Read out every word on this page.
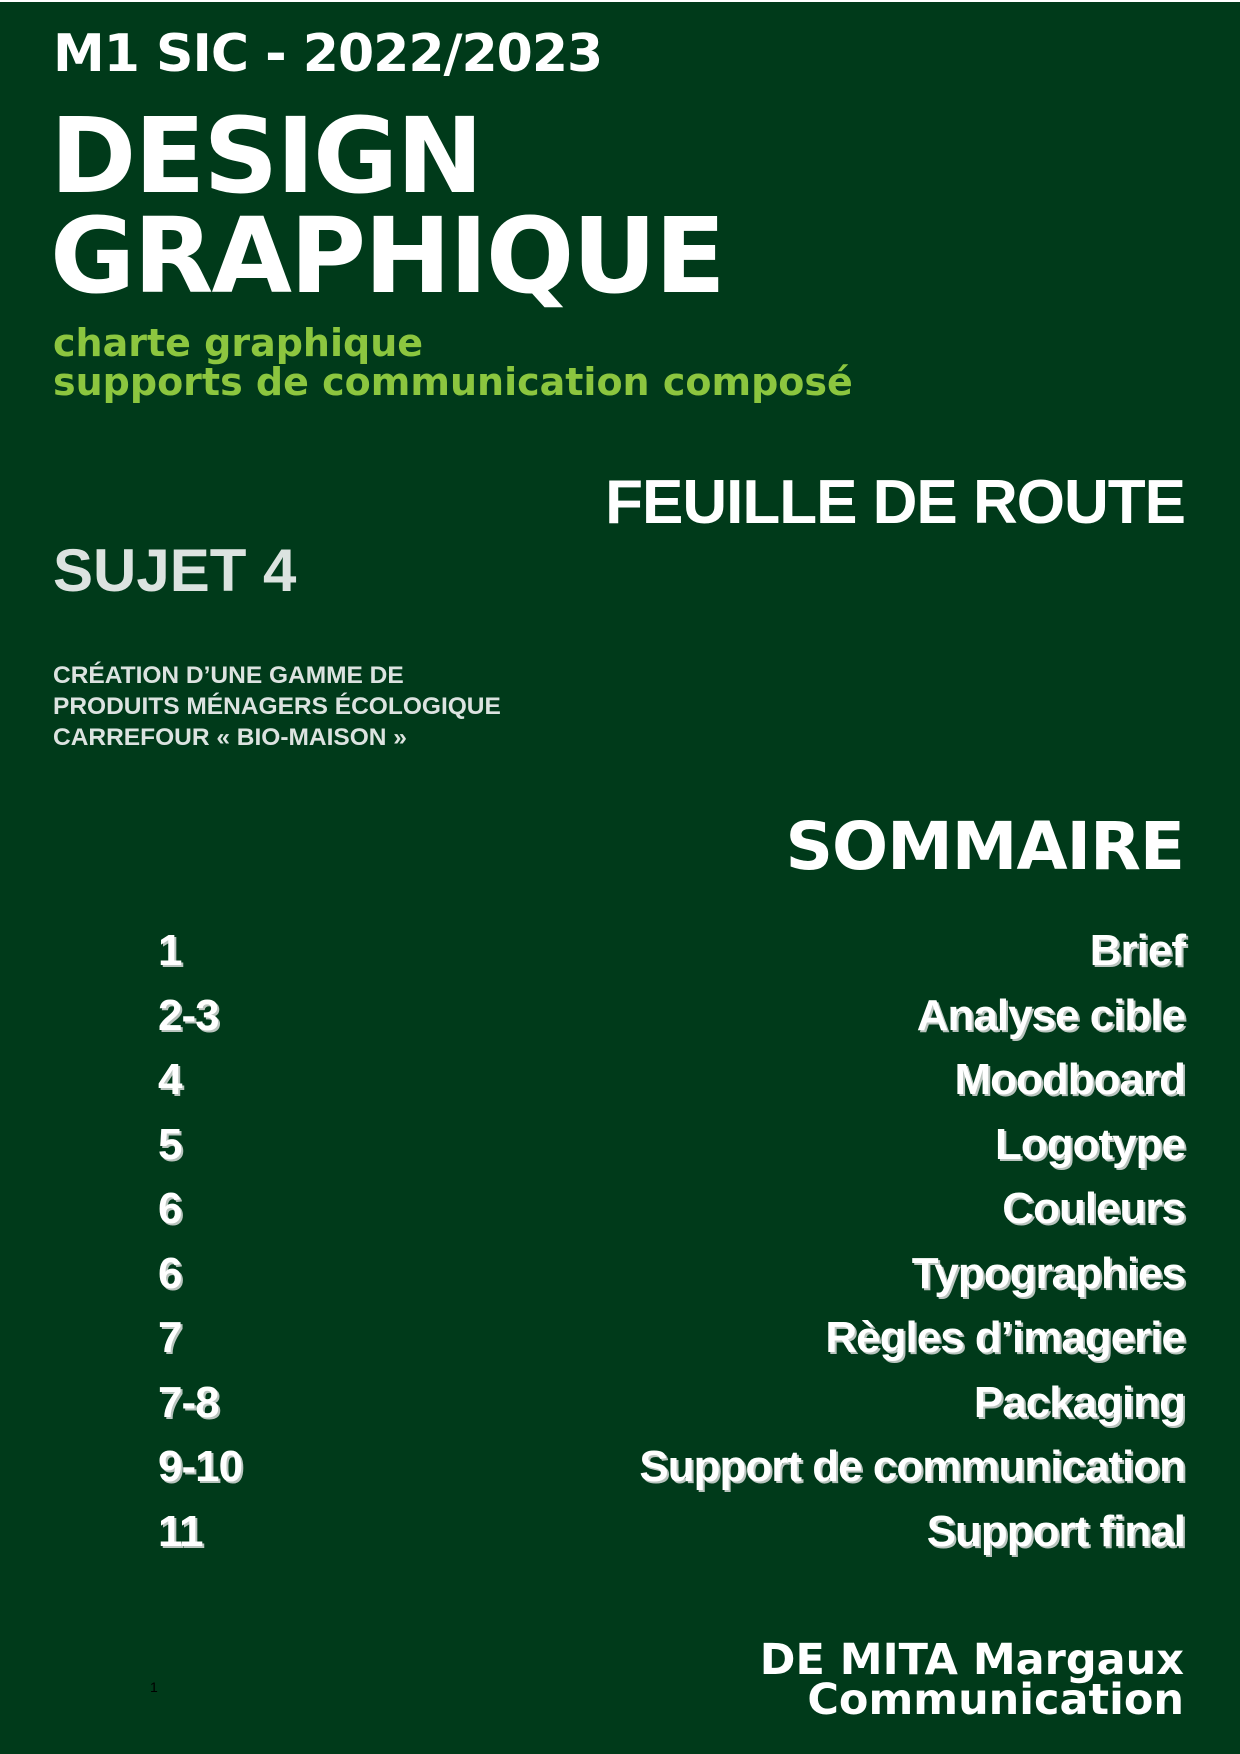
M1 SIC - 2022/2023
DESIGN
GRAPHIQUE
charte graphique
supports de communication composé
FEUILLE DE ROUTE
SUJET 4
CRÉATION D’UNE GAMME DE
PRODUITS MÉNAGERS ÉCOLOGIQUE
CARREFOUR « BIO-MAISON »
SOMMAIRE
1	Brief
2-3	Analyse cible
4	Moodboard
5	Logotype
6	Couleurs
6	Typographies
7	Règles d’imagerie
7-8	Packaging
9-10	Support de communication
11	Support final
DE MITA Margaux
Communication
1
